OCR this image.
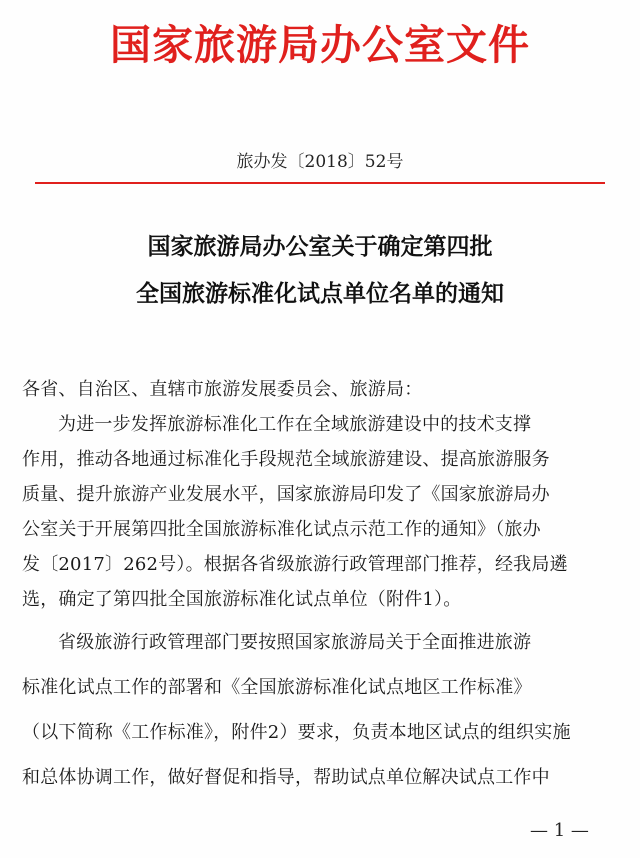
国家旅游局办公室文件
旅办发〔2018〕52号
国家旅游局办公室关于确定第四批
全国旅游标准化试点单位名单的通知
各省、自治区、直辖市旅游发展委员会、旅游局：
为进一步发挥旅游标准化工作在全域旅游建设中的技术支撑
作用，推动各地通过标准化手段规范全域旅游建设、提高旅游服务
质量、提升旅游产业发展水平，国家旅游局印发了《国家旅游局办
公室关于开展第四批全国旅游标准化试点示范工作的通知》（旅办
发〔2017〕262号）。根据各省级旅游行政管理部门推荐，经我局遴
选，确定了第四批全国旅游标准化试点单位（附件1）。
省级旅游行政管理部门要按照国家旅游局关于全面推进旅游
标准化试点工作的部署和《全国旅游标准化试点地区工作标准》
（以下简称《工作标准》，附件2）要求，负责本地区试点的组织实施
和总体协调工作，做好督促和指导，帮助试点单位解决试点工作中
— 1 —
